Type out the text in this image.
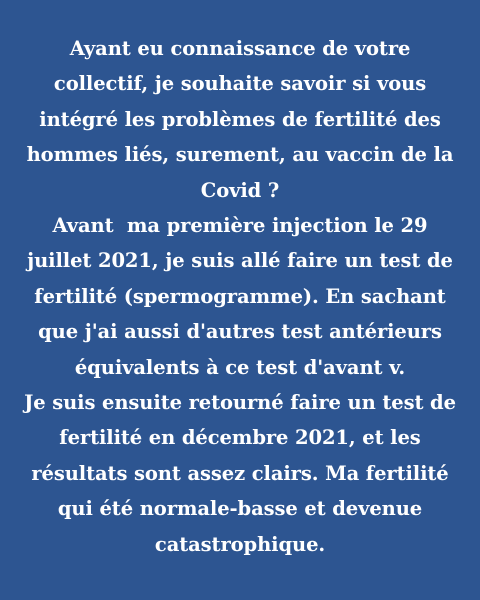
Ayant eu connaissance de votre
collectif, je souhaite savoir si vous
intégré les problèmes de fertilité des
hommes liés, surement, au vaccin de la
Covid ?
Avant  ma première injection le 29
juillet 2021, je suis allé faire un test de
fertilité (spermogramme). En sachant
que j'ai aussi d'autres test antérieurs
équivalents à ce test d'avant v.
Je suis ensuite retourné faire un test de
fertilité en décembre 2021, et les
résultats sont assez clairs. Ma fertilité
qui été normale-basse et devenue
catastrophique.
